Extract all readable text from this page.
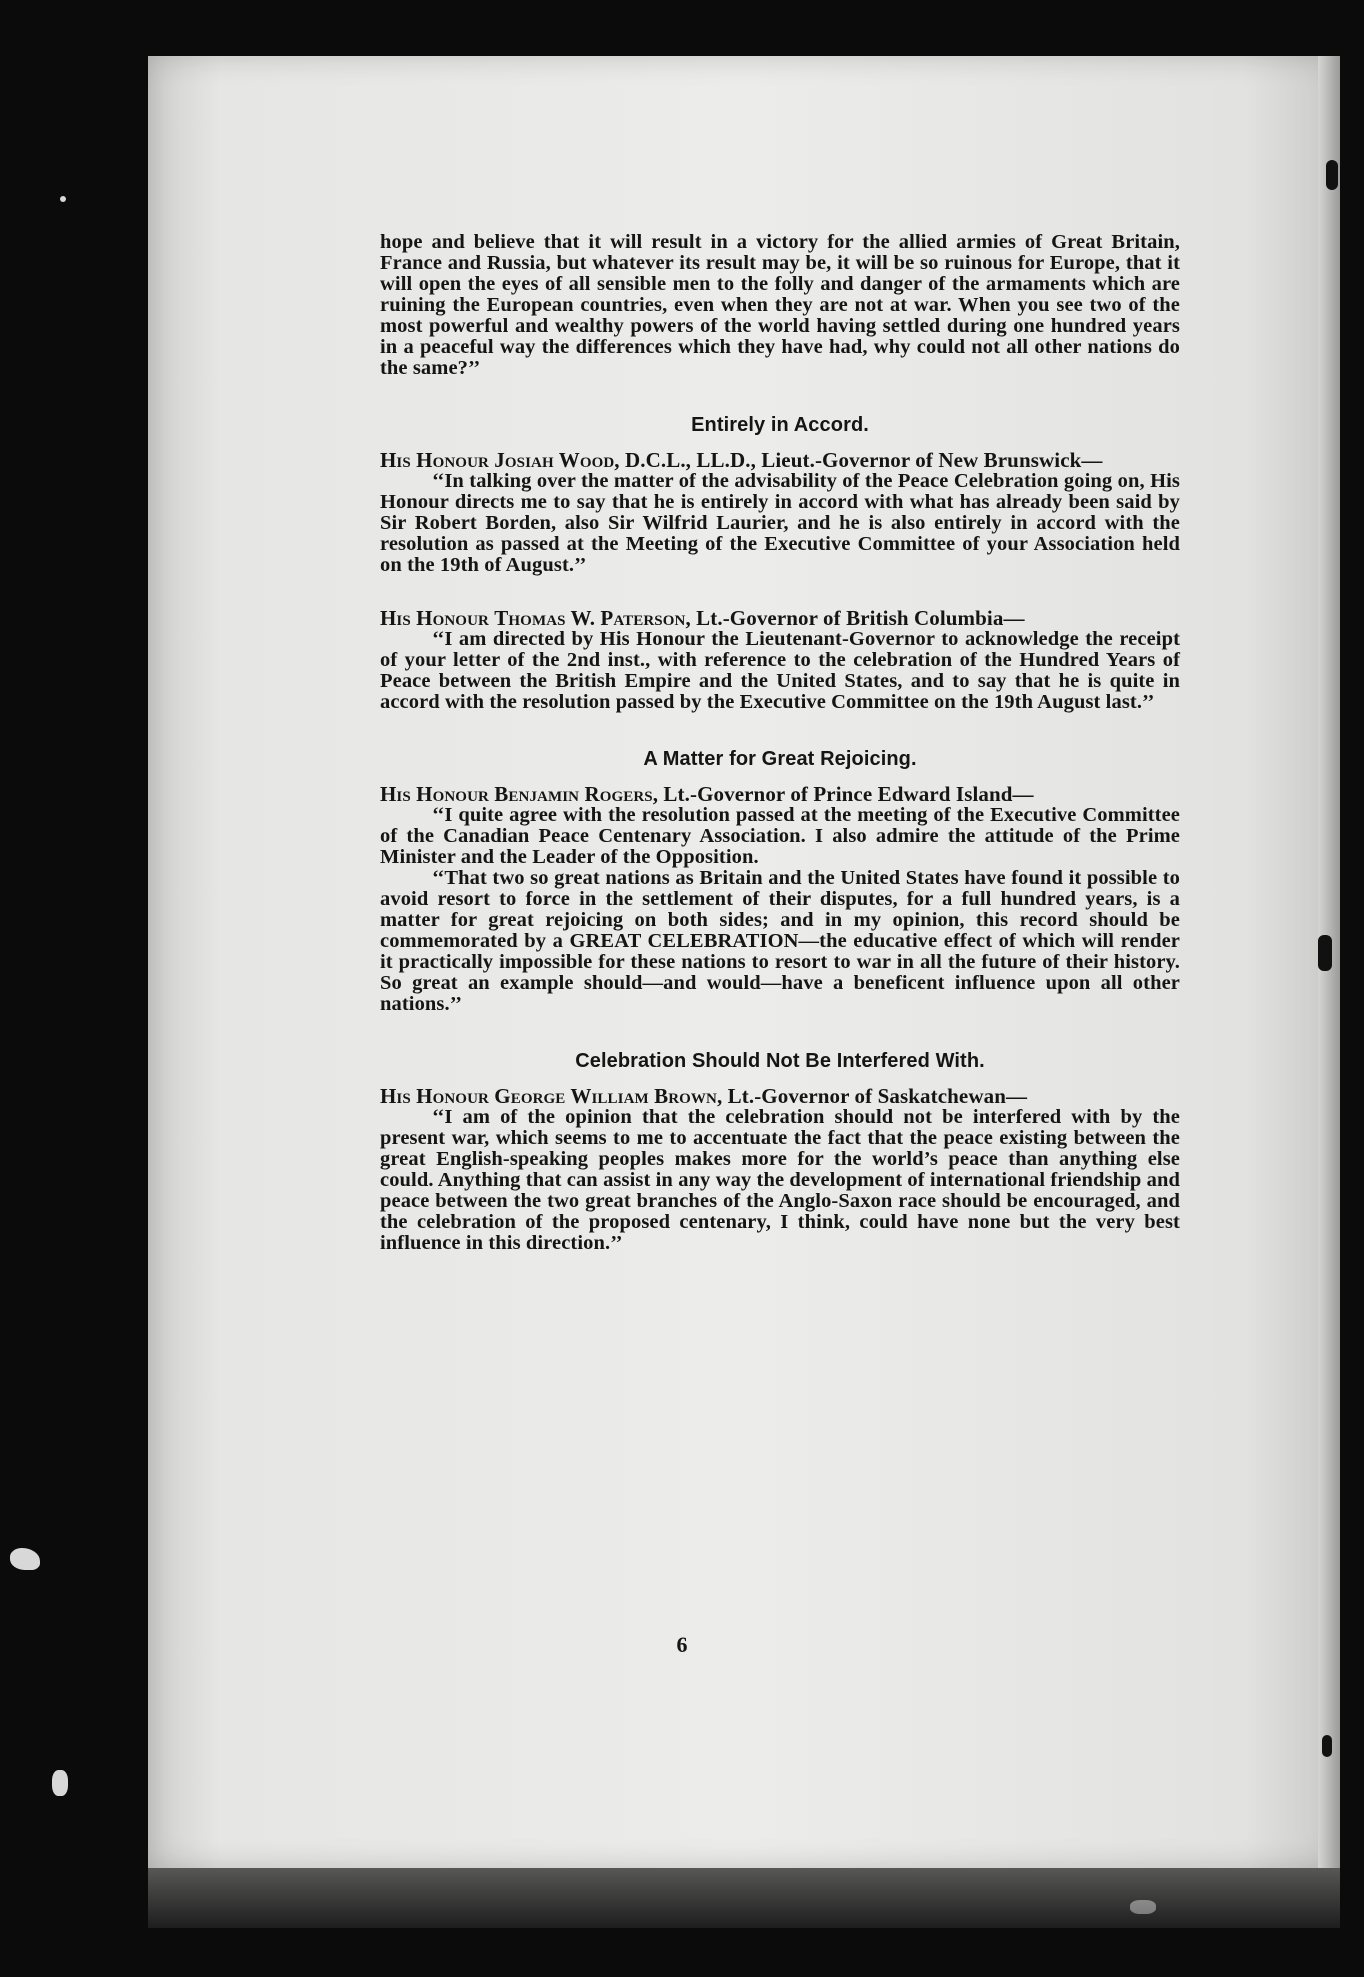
hope and believe that it will result in a victory for the allied armies of Great Britain, France and Russia, but whatever its result may be, it will be so ruinous for Europe, that it will open the eyes of all sensible men to the folly and danger of the armaments which are ruining the European countries, even when they are not at war. When you see two of the most powerful and wealthy powers of the world having settled during one hundred years in a peaceful way the differences which they have had, why could not all other nations do the same?’’

Entirely in Accord.

His Honour Josiah Wood, D.C.L., LL.D., Lieut.-Governor of New Brunswick—

‘‘In talking over the matter of the advisability of the Peace Celebration going on, His Honour directs me to say that he is entirely in accord with what has already been said by Sir Robert Borden, also Sir Wilfrid Laurier, and he is also entirely in accord with the resolution as passed at the Meeting of the Executive Committee of your Association held on the 19th of August.’’

His Honour Thomas W. Paterson, Lt.-Governor of British Columbia—

‘‘I am directed by His Honour the Lieutenant-Governor to acknowledge the receipt of your letter of the 2nd inst., with reference to the celebration of the Hundred Years of Peace between the British Empire and the United States, and to say that he is quite in accord with the resolution passed by the Executive Committee on the 19th August last.’’

A Matter for Great Rejoicing.

His Honour Benjamin Rogers, Lt.-Governor of Prince Edward Island—

‘‘I quite agree with the resolution passed at the meeting of the Executive Committee of the Canadian Peace Centenary Association. I also admire the attitude of the Prime Minister and the Leader of the Opposition.

‘‘That two so great nations as Britain and the United States have found it possible to avoid resort to force in the settlement of their disputes, for a full hundred years, is a matter for great rejoicing on both sides; and in my opinion, this record should be commemorated by a GREAT CELEBRATION—the educative effect of which will render it practically impossible for these nations to resort to war in all the future of their history. So great an example should—and would—have a beneficent influence upon all other nations.’’

Celebration Should Not Be Interfered With.

His Honour George William Brown, Lt.-Governor of Saskatchewan—

‘‘I am of the opinion that the celebration should not be interfered with by the present war, which seems to me to accentuate the fact that the peace existing between the great English-speaking peoples makes more for the world’s peace than anything else could. Anything that can assist in any way the development of international friendship and peace between the two great branches of the Anglo-Saxon race should be encouraged, and the celebration of the proposed centenary, I think, could have none but the very best influence in this direction.’’

6
